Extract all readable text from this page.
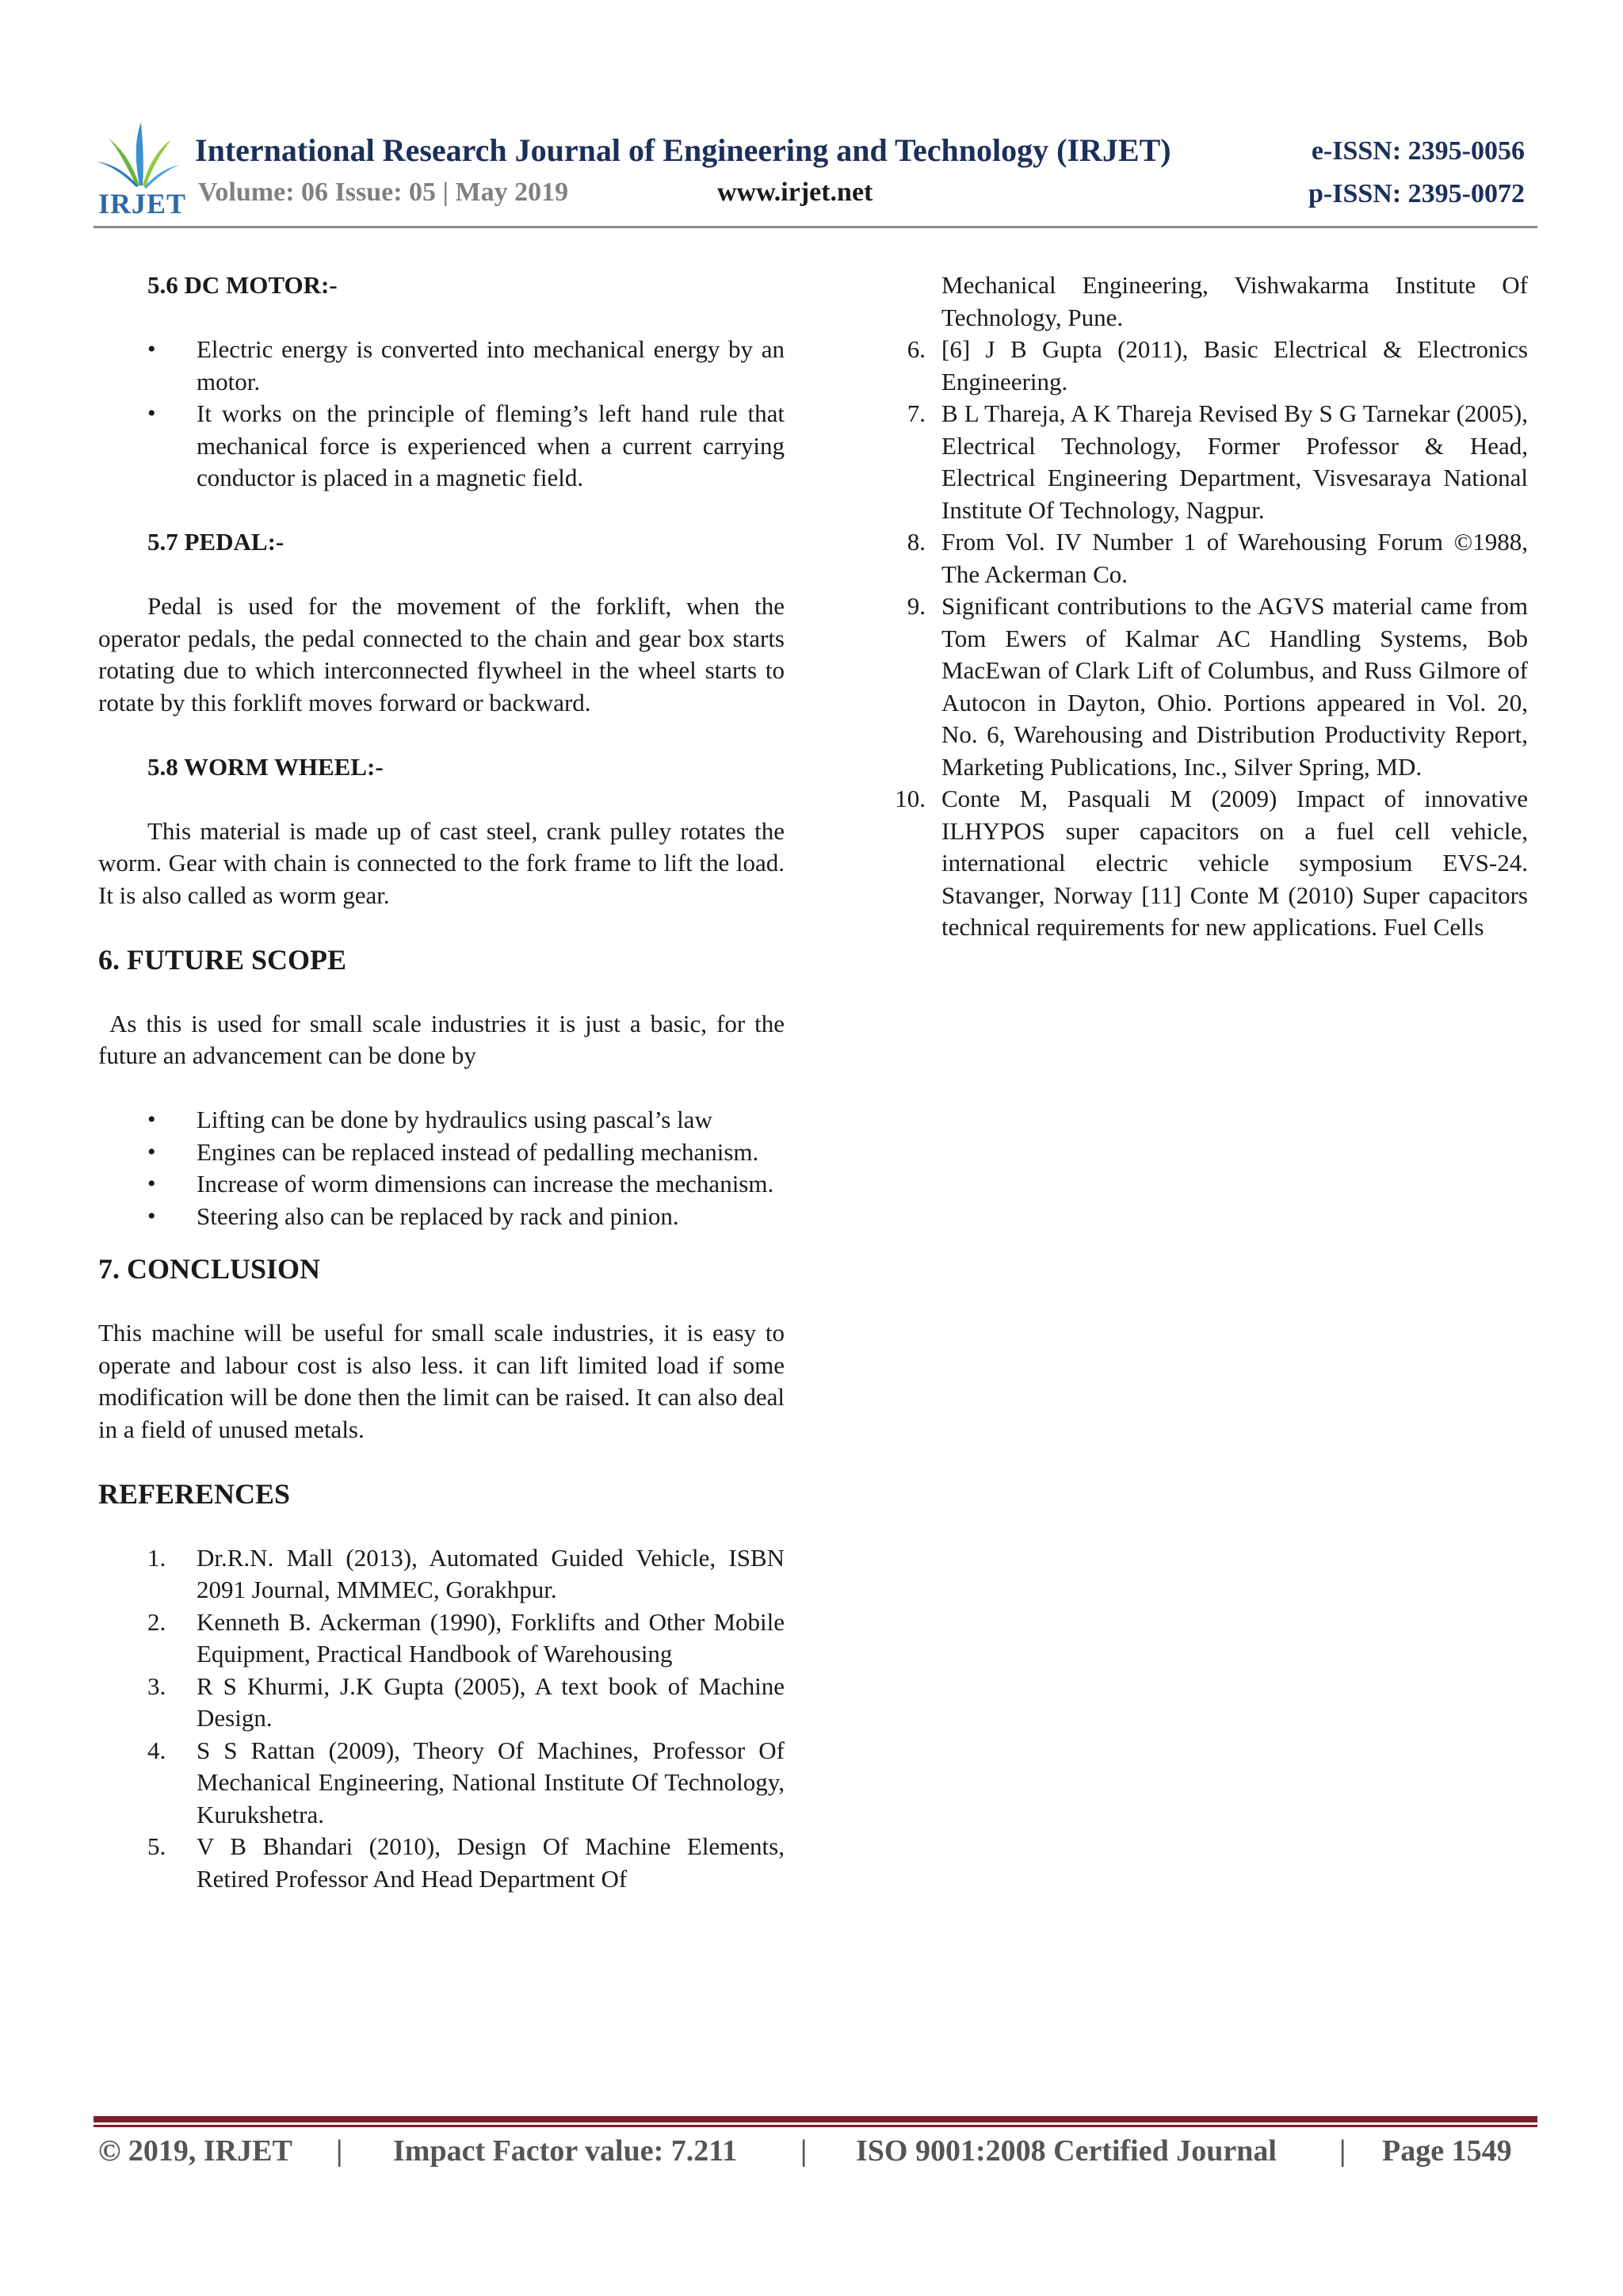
IRJET
International Research Journal of Engineering and Technology (IRJET)	e-ISSN: 2395-0056
Volume: 06 Issue: 05 | May 2019	www.irjet.net	p-ISSN: 2395-0072
5.6 DC MOTOR:-
• Electric energy is converted into mechanical energy by an motor.
• It works on the principle of fleming’s left hand rule that mechanical force is experienced when a current carrying conductor is placed in a magnetic field.
5.7 PEDAL:-

Pedal is used for the movement of the forklift, when the operator pedals, the pedal connected to the chain and gear box starts rotating due to which interconnected flywheel in the wheel starts to rotate by this forklift moves forward or backward.

5.8 WORM WHEEL:-

This material is made up of cast steel, crank pulley rotates the worm. Gear with chain is connected to the fork frame to lift the load. It is also called as worm gear.

6. FUTURE SCOPE

As this is used for small scale industries it is just a basic, for the future an advancement can be done by

• Lifting can be done by hydraulics using pascal’s law
• Engines can be replaced instead of pedalling mechanism.
• Increase of worm dimensions can increase the mechanism.
• Steering also can be replaced by rack and pinion.
7. CONCLUSION

This machine will be useful for small scale industries, it is easy to operate and labour cost is also less. it can lift limited load if some modification will be done then the limit can be raised. It can also deal in a field of unused metals.

REFERENCES
1. Dr.R.N. Mall (2013), Automated Guided Vehicle, ISBN 2091 Journal, MMMEC, Gorakhpur.
2. Kenneth B. Ackerman (1990), Forklifts and Other Mobile Equipment, Practical Handbook of Warehousing
3. R S Khurmi, J.K Gupta (2005), A text book of Machine Design.
4. S S Rattan (2009), Theory Of Machines, Professor Of Mechanical Engineering, National Institute Of Technology, Kurukshetra.
5. V B Bhandari (2010), Design Of Machine Elements, Retired Professor And Head Department Of

Mechanical Engineering, Vishwakarma Institute Of Technology, Pune.

6. [6] J B Gupta (2011), Basic Electrical & Electronics Engineering.
7. B L Thareja, A K Thareja Revised By S G Tarnekar (2005), Electrical Technology, Former Professor & Head, Electrical Engineering Department, Visvesaraya National Institute Of Technology, Nagpur.
8. From Vol. IV Number 1 of Warehousing Forum ©1988, The Ackerman Co.
9. Significant contributions to the AGVS material came from Tom Ewers of Kalmar AC Handling Systems, Bob MacEwan of Clark Lift of Columbus, and Russ Gilmore of Autocon in Dayton, Ohio. Portions appeared in Vol. 20, No. 6, Warehousing and Distribution Productivity Report, Marketing Publications, Inc., Silver Spring, MD.
10. Conte M, Pasquali M (2009) Impact of innovative ILHYPOS super capacitors on a fuel cell vehicle, international electric vehicle symposium EVS-24. Stavanger, Norway [11] Conte M (2010) Super capacitors technical requirements for new applications. Fuel Cells
© 2019, IRJET | Impact Factor value: 7.211 | ISO 9001:2008 Certified Journal | Page 1549
